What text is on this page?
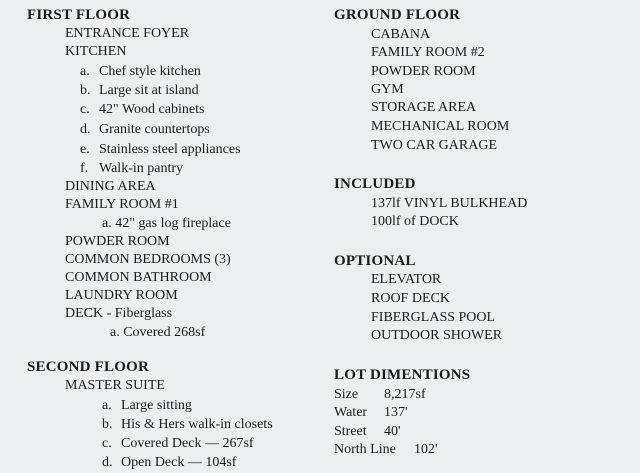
FIRST FLOOR
ENTRANCE FOYER
KITCHEN
a. Chef style kitchen
b. Large sit at island
c. 42" Wood cabinets
d. Granite countertops
e. Stainless steel appliances
f. Walk-in pantry
DINING AREA
FAMILY ROOM #1
a. 42" gas log fireplace
POWDER ROOM
COMMON BEDROOMS (3)
COMMON BATHROOM
LAUNDRY ROOM
DECK - Fiberglass
a. Covered 268sf
SECOND FLOOR
MASTER SUITE
a. Large sitting
b. His & Hers walk-in closets
c. Covered Deck — 267sf
d. Open Deck — 104sf
GROUND FLOOR
CABANA
FAMILY ROOM #2
POWDER ROOM
GYM
STORAGE AREA
MECHANICAL ROOM
TWO CAR GARAGE
INCLUDED
137lf VINYL BULKHEAD
100lf of DOCK
OPTIONAL
ELEVATOR
ROOF DECK
FIBERGLASS POOL
OUTDOOR SHOWER
LOT DIMENTIONS
Size 8,217sf
Water 137'
Street 40'
North Line 102'
